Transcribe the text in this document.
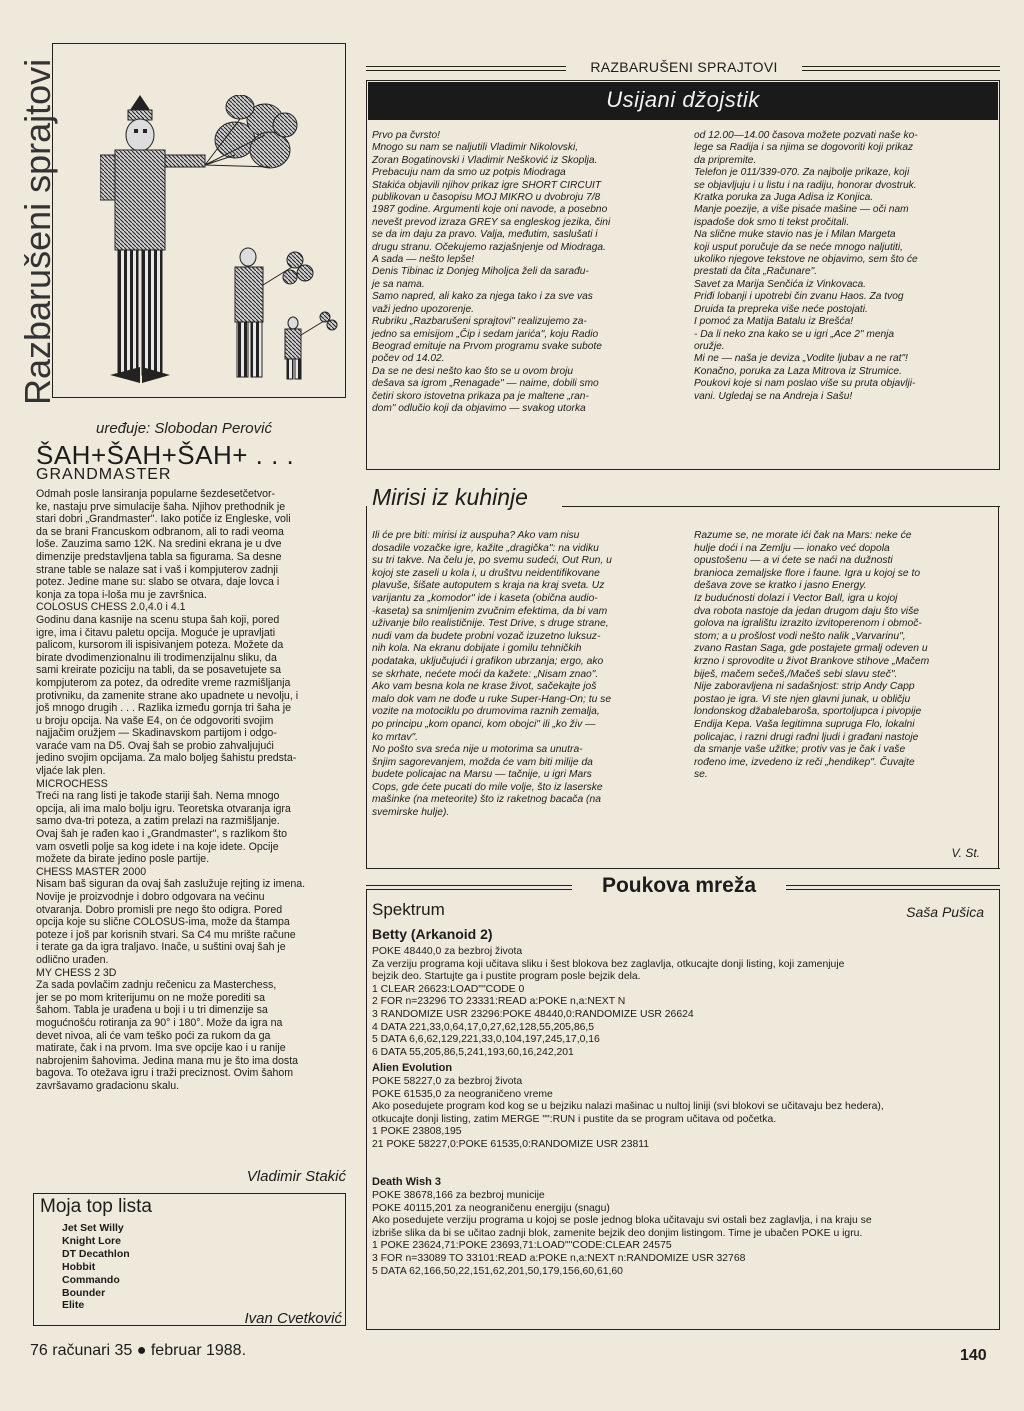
Razbarušeni sprajtovi
uređuje: Slobodan Perović
ŠAH+ŠAH+ŠAH+ . . .
GRANDMASTER
Odmah posle lansiranja popularne šezdesetčetvor-
ke, nastaju prve simulacije šaha. Njihov prethodnik je
stari dobri „Grandmaster". Iako potiče iz Engleske, voli
da se brani Francuskom odbranom, ali to radi veoma
loše. Zauzima samo 12K. Na sredini ekrana je u dve
dimenzije predstavljena tabla sa figurama. Sa desne
strane table se nalaze sat i vaš i kompjuterov zadnji
potez. Jedine mane su: slabo se otvara, daje lovca i
konja za topa i-loša mu je završnica.
COLOSUS CHESS 2.0,4.0 i 4.1
Godinu dana kasnije na scenu stupa šah koji, pored
igre, ima i čitavu paletu opcija. Moguće je upravljati
palicom, kursorom ili ispisivanjem poteza. Možete da
birate dvodimenzionalnu ili trodimenzijalnu sliku, da
sami kreirate poziciju na tabli, da se posavetujete sa
kompjuterom za potez, da odredite vreme razmišljanja
protivniku, da zamenite strane ako upadnete u nevolju, i
još mnogo drugih . . . Razlika između gornja tri šaha je
u broju opcija. Na vaše E4, on će odgovoriti svojim
najjačim oružjem — Skadinavskom partijom i odgo-
varaće vam na D5. Ovaj šah se probio zahvaljujući
jedino svojim opcijama. Za malo boljeg šahistu predsta-
vljaće lak plen.
MICROCHESS
Treći na rang listi je takođe stariji šah. Nema mnogo
opcija, ali ima malo bolju igru. Teoretska otvaranja igra
samo dva-tri poteza, a zatim prelazi na razmišljanje.
Ovaj šah je rađen kao i „Grandmaster", s razlikom što
vam osvetli polje sa kog idete i na koje idete. Opcije
možete da birate jedino posle partije.
CHESS MASTER 2000
Nisam baš siguran da ovaj šah zaslužuje rejting iz imena.
Novije je proizvodnje i dobro odgovara na većinu
otvaranja. Dobro promisli pre nego što odigra. Pored
opcija koje su slične COLOSUS-ima, može da štampa
poteze i još par korisnih stvari. Sa C4 mu mrište račune
i terate ga da igra traljavo. Inače, u suštini ovaj šah je
odlično urađen.
MY CHESS 2 3D
Za sada povlačim zadnju rečenicu za Masterchess,
jer se po mom kriterijumu on ne može porediti sa
šahom. Tabla je urađena u boji i u tri dimenzije sa
mogućnošću rotiranja za 90° i 180°. Može da igra na
devet nivoa, ali će vam teško poći za rukom da ga
matirate, čak i na prvom. Ima sve opcije kao i u ranije
nabrojenim šahovima. Jedina mana mu je što ima dosta
bagova. To otežava igru i traži preciznost. Ovim šahom
završavamo gradacionu skalu.
Vladimir Stakić
Moja top lista
Jet Set Willy
Knight Lore
DT Decathlon
Hobbit
Commando
Bounder
Elite
Ivan Cvetković
76 računari 35 ● februar 1988.	140
RAZBARUŠENI SPRAJTOVI
Usijani džojstik
Prvo pa čvrsto!
Mnogo su nam se naljutili Vladimir Nikolovski,
Zoran Bogatinovski i Vladimir Nešković iz Skoplja.
Prebacuju nam da smo uz potpis Miodraga
Stakića objavili njihov prikaz igre SHORT CIRCUIT
publikovan u časopisu MOJ MIKRO u dvobroju 7/8
1987 godine. Argumenti koje oni navode, a posebno
nevešt prevod izraza GREY sa engleskog jezika, čini
se da im daju za pravo. Valja, međutim, saslušati i
drugu stranu. Očekujemo razjašnjenje od Miodraga.
A sada — nešto lepše!
Denis Tibinac iz Donjeg Miholjca želi da sarađu-
je sa nama.
Samo napred, ali kako za njega tako i za sve vas
važi jedno upozorenje.
Rubriku „Razbarušeni sprajtovi" realizujemo za-
jedno sa emisijom „Čip i sedam jarića", koju Radio
Beograd emituje na Prvom programu svake subote
počev od 14.02.
Da se ne desi nešto kao što se u ovom broju
dešava sa igrom „Renagade" — naime, dobili smo
četiri skoro istovetna prikaza pa je maltene „ran-
dom" odlučio koji da objavimo — svakog utorka
od 12.00—14.00 časova možete pozvati naše ko-
lege sa Radija i sa njima se dogovoriti koji prikaz
da pripremite.
Telefon je 011/339-070. Za najbolje prikaze, koji
se objavljuju i u listu i na radiju, honorar dvostruk.
Kratka poruka za Juga Adisa iz Konjica.
Manje poezije, a više pisaće mašine — oči nam
ispadoše dok smo ti tekst pročitali.
Na slične muke stavio nas je i Milan Margeta
koji usput poručuje da se neće mnogo naljutiti,
ukoliko njegove tekstove ne objavimo, sem što će
prestati da čita „Računare".
Savet za Marija Senčića iz Vinkovaca.
Priđi lobanji i upotrebi čin zvanu Haos. Za tvog
Druida ta prepreka više neće postojati.
I pomoć za Matija Batalu iz Brešća!
- Da li neko zna kako se u igri „Ace 2" menja
oružje.
Mi ne — naša je deviza „Vodite ljubav a ne rat"!
Konačno, poruka za Laza Mitrova iz Strumice.
Poukovi koje si nam poslao više su pruta objavlji-
vani. Ugledaj se na Andreja i Sašu!
Mirisi iz kuhinje
Ili će pre biti: mirisi iz auspuha? Ako vam nisu
dosadile vozačke igre, kažite „dragička": na vidiku
su tri takve. Na čelu je, po svemu sudeći, Out Run, u
kojoj ste zaseli u kola i, u društvu neidentifikovane
plavuše, šišate autoputem s kraja na kraj sveta. Uz
varijantu za „komodor" ide i kaseta (obična audio-
-kaseta) sa snimljenim zvučnim efektima, da bi vam
uživanje bilo realističnije. Test Drive, s druge strane,
nudi vam da budete probni vozač izuzetno luksuz-
nih kola. Na ekranu dobijate i gomilu tehničkih
podataka, uključujući i grafikon ubrzanja; ergo, ako
se skrhate, nećete moći da kažete: „Nisam znao".
Ako vam besna kola ne krase život, sačekajte još
malo dok vam ne dođe u ruke Super-Hang-On; tu se
vozite na motociklu po drumovima raznih zemalja,
po principu „kom opanci, kom obojci" ili „ko živ —
ko mrtav".
No pošto sva sreća nije u motorima sa unutra-
šnjim sagorevanjem, možda će vam biti milije da
budete policajac na Marsu — tačnije, u igri Mars
Cops, gde ćete pucati do mile volje, što iz laserske
mašinke (na meteorite) što iz raketnog bacača (na
svemirske hulje).
Razume se, ne morate ići čak na Mars: neke će
hulje doći i na Zemlju — ionako već dopola
opustošenu — a vi ćete se naći na dužnosti
branioca zemaljske flore i faune. Igra u kojoj se to
dešava zove se kratko i jasno Energy.
Iz budućnosti dolazi i Vector Ball, igra u kojoj
dva robota nastoje da jedan drugom daju što više
golova na igralištu izrazito izvitoperenom i območ-
stom; a u prošlost vodi nešto nalik „Varvarinu",
zvano Rastan Saga, gde postajete grmalj odeven u
krzno i sprovodite u život Brankove stihove „Mačem
biješ, mačem sečeš,/Mačeš sebi slavu steč".
Nije zaboravljena ni sadašnjost: strip Andy Capp
postao je igra. Vi ste njen glavni junak, u obličju
londonskog džabalebaroša, sportoljupca i pivopije
Endija Kepa. Vaša legitimna supruga Flo, lokalni
policajac, i razni drugi rađni ljudi i građani nastoje
da smanje vaše užitke; protiv vas je čak i vaše
rođeno ime, izvedeno iz reči „hendikep". Čuvajte
se.
V. St.
Poukova mreža
Spektrum	Saša Pušica
Betty (Arkanoid 2)
POKE 48440,0 za bezbroj života
Za verziju programa koji učitava sliku i šest blokova bez zaglavlja, otkucajte donji listing, koji zamenjuje
bejzik deo. Startujte ga i pustite program posle bejzik dela.
1 CLEAR 26623:LOAD""CODE 0
2 FOR n=23296 TO 23331:READ a:POKE n,a:NEXT N
3 RANDOMIZE USR 23296:POKE 48440,0:RANDOMIZE USR 26624
4 DATA 221,33,0,64,17,0,27,62,128,55,205,86,5
5 DATA 6,6,62,129,221,33,0,104,197,245,17,0,16
6 DATA 55,205,86,5,241,193,60,16,242,201
Alien Evolution
POKE 58227,0 za bezbroj života
POKE 61535,0 za neograničeno vreme
Ako posedujete program kod kog se u bejziku nalazi mašinac u nultoj liniji (svi blokovi se učitavaju bez hedera),
otkucajte donji listing, zatim MERGE "":RUN i pustite da se program učitava od početka.
1 POKE 23808,195
21 POKE 58227,0:POKE 61535,0:RANDOMIZE USR 23811
Death Wish 3
POKE 38678,166 za bezbroj municije
POKE 40115,201 za neograničenu energiju (snagu)
Ako posedujete verziju programa u kojoj se posle jednog bloka učitavaju svi ostali bez zaglavlja, i na kraju se
izbriše slika da bi se učitao zadnji blok, zamenite bejzik deo donjim listingom. Time je ubačen POKE u igru.
1 POKE 23624,71:POKE 23693,71:LOAD""CODE:CLEAR 24575
3 FOR n=33089 TO 33101:READ a:POKE n,a:NEXT n:RANDOMIZE USR 32768
5 DATA 62,166,50,22,151,62,201,50,179,156,60,61,60
